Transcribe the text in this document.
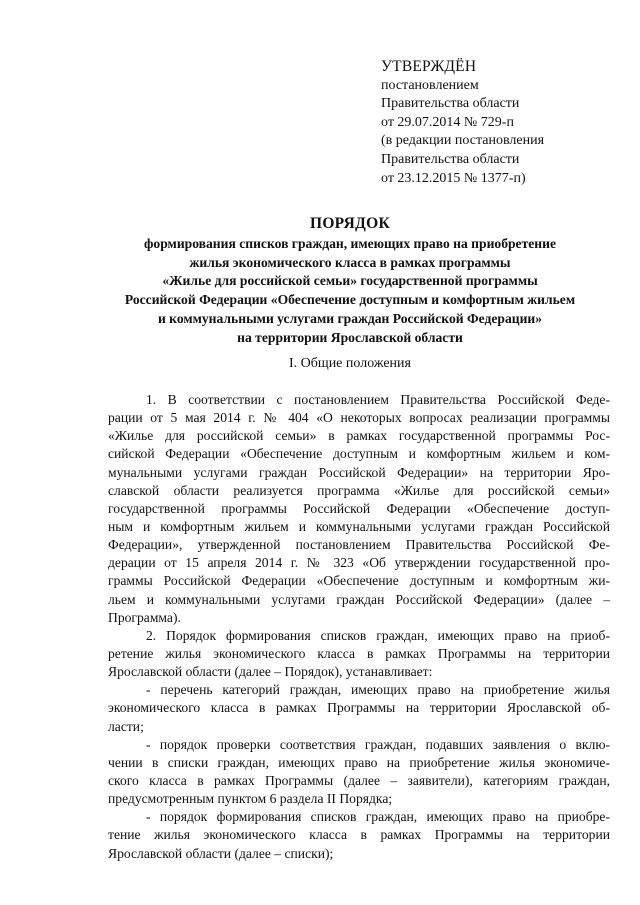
УТВЕРЖДЁН
постановлением
Правительства области
от 29.07.2014 № 729-п
(в редакции постановления
Правительства области
от 23.12.2015 № 1377-п)
ПОРЯДОК
формирования списков граждан, имеющих право на приобретение
жилья экономического класса в рамках программы
«Жилье для российской семьи» государственной программы
Российской Федерации «Обеспечение доступным и комфортным жильем
и коммунальными услугами граждан Российской Федерации»
на территории Ярославской области
I. Общие положения
1. В соответствии с постановлением Правительства Российской Феде-
рации от 5 мая 2014 г. № 404 «О некоторых вопросах реализации программы
«Жилье для российской семьи» в рамках государственной программы Рос-
сийской Федерации «Обеспечение доступным и комфортным жильем и ком-
мунальными услугами граждан Российской Федерации» на территории Яро-
славской области реализуется программа «Жилье для российской семьи»
государственной программы Российской Федерации «Обеспечение доступ-
ным и комфортным жильем и коммунальными услугами граждан Российской
Федерации», утвержденной постановлением Правительства Российской Фе-
дерации от 15 апреля 2014 г. № 323 «Об утверждении государственной про-
граммы Российской Федерации «Обеспечение доступным и комфортным жи-
льем и коммунальными услугами граждан Российской Федерации» (далее –
Программа).
2. Порядок формирования списков граждан, имеющих право на приоб-
ретение жилья экономического класса в рамках Программы на территории
Ярославской области (далее – Порядок), устанавливает:
- перечень категорий граждан, имеющих право на приобретение жилья
экономического класса в рамках Программы на территории Ярославской об-
ласти;
- порядок проверки соответствия граждан, подавших заявления о вклю-
чении в списки граждан, имеющих право на приобретение жилья экономиче-
ского класса в рамках Программы (далее – заявители), категориям граждан,
предусмотренным пунктом 6 раздела II Порядка;
- порядок формирования списков граждан, имеющих право на приобре-
тение жилья экономического класса в рамках Программы на территории
Ярославской области (далее – списки);
